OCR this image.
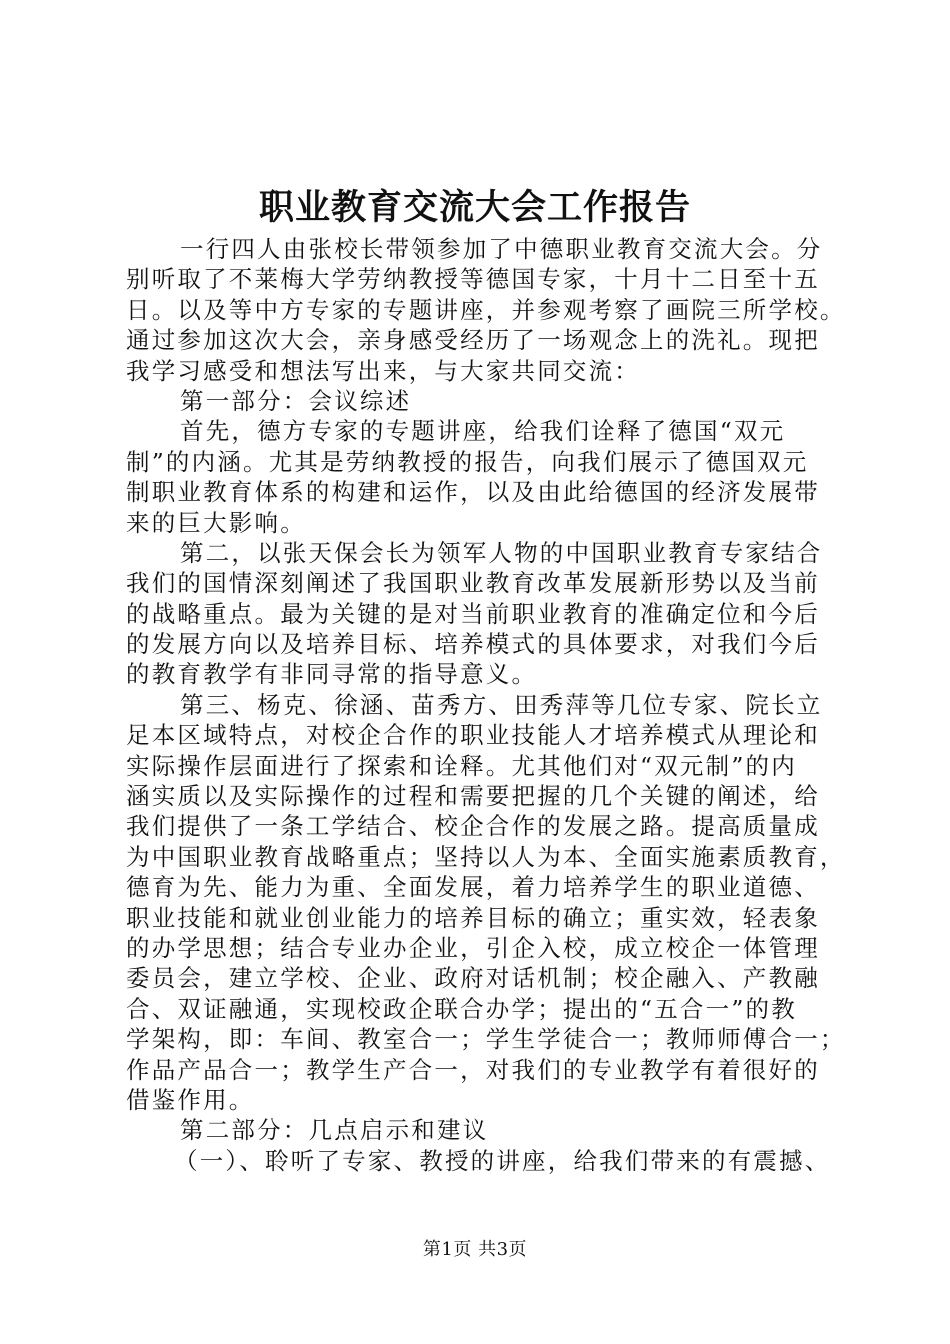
职业教育交流大会工作报告
一行四人由张校长带领参加了中德职业教育交流大会。分
别听取了不莱梅大学劳纳教授等德国专家，十月十二日至十五
日。以及等中方专家的专题讲座，并参观考察了画院三所学校。
通过参加这次大会，亲身感受经历了一场观念上的洗礼。现把
我学习感受和想法写出来，与大家共同交流：
第一部分：会议综述
首先，德方专家的专题讲座，给我们诠释了德国“双元
制”的内涵。尤其是劳纳教授的报告，向我们展示了德国双元
制职业教育体系的构建和运作，以及由此给德国的经济发展带
来的巨大影响。
第二，以张天保会长为领军人物的中国职业教育专家结合
我们的国情深刻阐述了我国职业教育改革发展新形势以及当前
的战略重点。最为关键的是对当前职业教育的准确定位和今后
的发展方向以及培养目标、培养模式的具体要求，对我们今后
的教育教学有非同寻常的指导意义。
第三、杨克、徐涵、苗秀方、田秀萍等几位专家、院长立
足本区域特点，对校企合作的职业技能人才培养模式从理论和
实际操作层面进行了探索和诠释。尤其他们对“双元制”的内
涵实质以及实际操作的过程和需要把握的几个关键的阐述，给
我们提供了一条工学结合、校企合作的发展之路。提高质量成
为中国职业教育战略重点；坚持以人为本、全面实施素质教育，
德育为先、能力为重、全面发展，着力培养学生的职业道德、
职业技能和就业创业能力的培养目标的确立；重实效，轻表象
的办学思想；结合专业办企业，引企入校，成立校企一体管理
委员会，建立学校、企业、政府对话机制；校企融入、产教融
合、双证融通，实现校政企联合办学；提出的“五合一”的教
学架构，即：车间、教室合一；学生学徒合一；教师师傅合一；
作品产品合一；教学生产合一，对我们的专业教学有着很好的
借鉴作用。
第二部分：几点启示和建议
（一）、聆听了专家、教授的讲座，给我们带来的有震撼、
第1页 共3页
